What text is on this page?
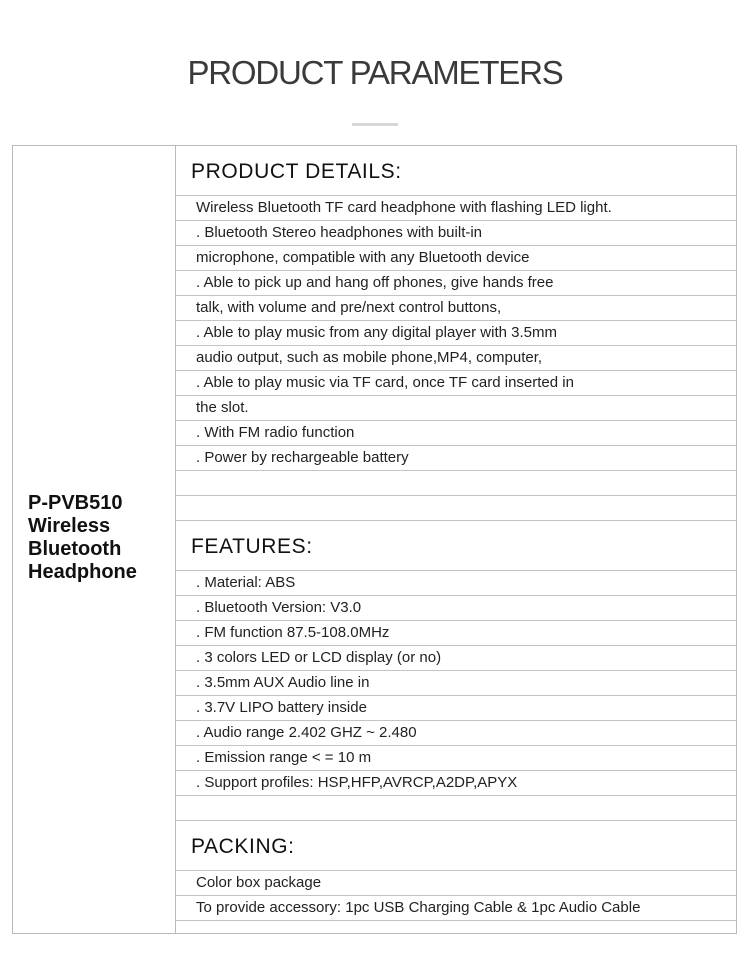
PRODUCT PARAMETERS
P-PVB510
Wireless
Bluetooth
Headphone
PRODUCT DETAILS:
Wireless Bluetooth TF card headphone with flashing LED light.
. Bluetooth Stereo headphones with built-in
microphone, compatible with any Bluetooth device
. Able to pick up and hang off phones, give hands free
talk, with volume and pre/next control buttons,
. Able to play music from any digital player with 3.5mm
audio output, such as mobile phone,MP4, computer,
. Able to play music via TF card, once TF card inserted in
the slot.
. With FM radio function
. Power by rechargeable battery
FEATURES:
. Material: ABS
. Bluetooth Version: V3.0
. FM function 87.5-108.0MHz
. 3 colors LED or LCD display (or no)
. 3.5mm AUX Audio line in
. 3.7V LIPO battery inside
. Audio range 2.402 GHZ ~ 2.480
. Emission range < = 10 m
. Support profiles: HSP,HFP,AVRCP,A2DP,APYX
PACKING:
Color box package
To provide accessory: 1pc USB Charging Cable & 1pc Audio Cable
